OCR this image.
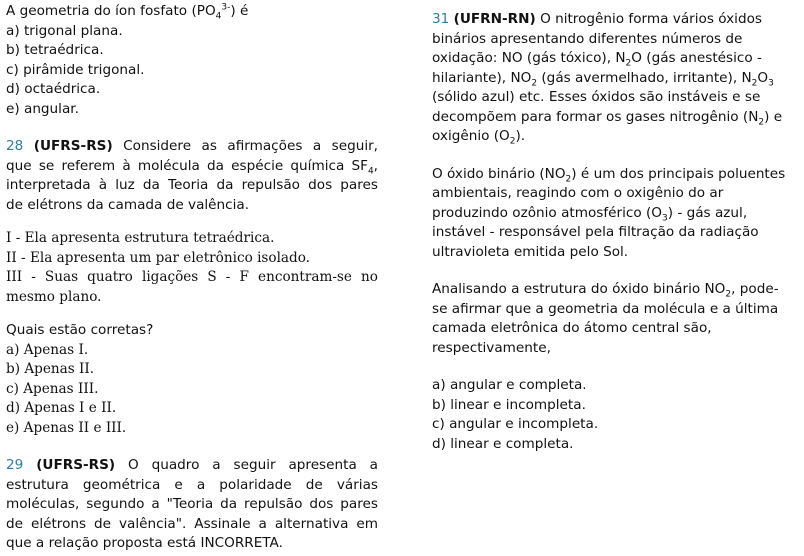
A geometria do íon fosfato $(PO_4^{3-})$ é
a) trigonal plana.
b) tetraédrica.
c) pirâmide trigonal.
d) octaédrica.
e) angular.
28 (UFRS-RS) Considere as afirmações a seguir,
que se referem à molécula da espécie química $SF_4$,
interpretada à luz da Teoria da repulsão dos pares
de elétrons da camada de valência.
I - Ela apresenta estrutura tetraédrica.
II - Ela apresenta um par eletrônico isolado.
III - Suas quatro ligações S - F encontram-se no
mesmo plano.
Quais estão corretas?
a) Apenas I.
b) Apenas II.
c) Apenas III.
d) Apenas I e II.
e) Apenas II e III.
29 (UFRS-RS) O quadro a seguir apresenta a
estrutura geométrica e a polaridade de várias
moléculas, segundo a "Teoria da repulsão dos pares
de elétrons de valência". Assinale a alternativa em
que a relação proposta está INCORRETA.
31 (UFRN-RN) O nitrogênio forma vários óxidos
binários apresentando diferentes números de
oxidação: NO (gás tóxico), $N_2O$ (gás anestésico -
hilariante), $NO_2$ (gás avermelhado, irritante), $N_2O_3$
(sólido azul) etc. Esses óxidos são instáveis e se
decompõem para formar os gases nitrogênio $(N_2)$ e
oxigênio $(O_2)$.
O óxido binário $(NO_2)$ é um dos principais poluentes
ambientais, reagindo com o oxigênio do ar
produzindo ozônio atmosférico $(O_3)$ - gás azul,
instável - responsável pela filtração da radiação
ultravioleta emitida pelo Sol.
Analisando a estrutura do óxido binário $NO_2$, pode-
se afirmar que a geometria da molécula e a última
camada eletrônica do átomo central são,
respectivamente,
a) angular e completa.
b) linear e incompleta.
c) angular e incompleta.
d) linear e completa.
